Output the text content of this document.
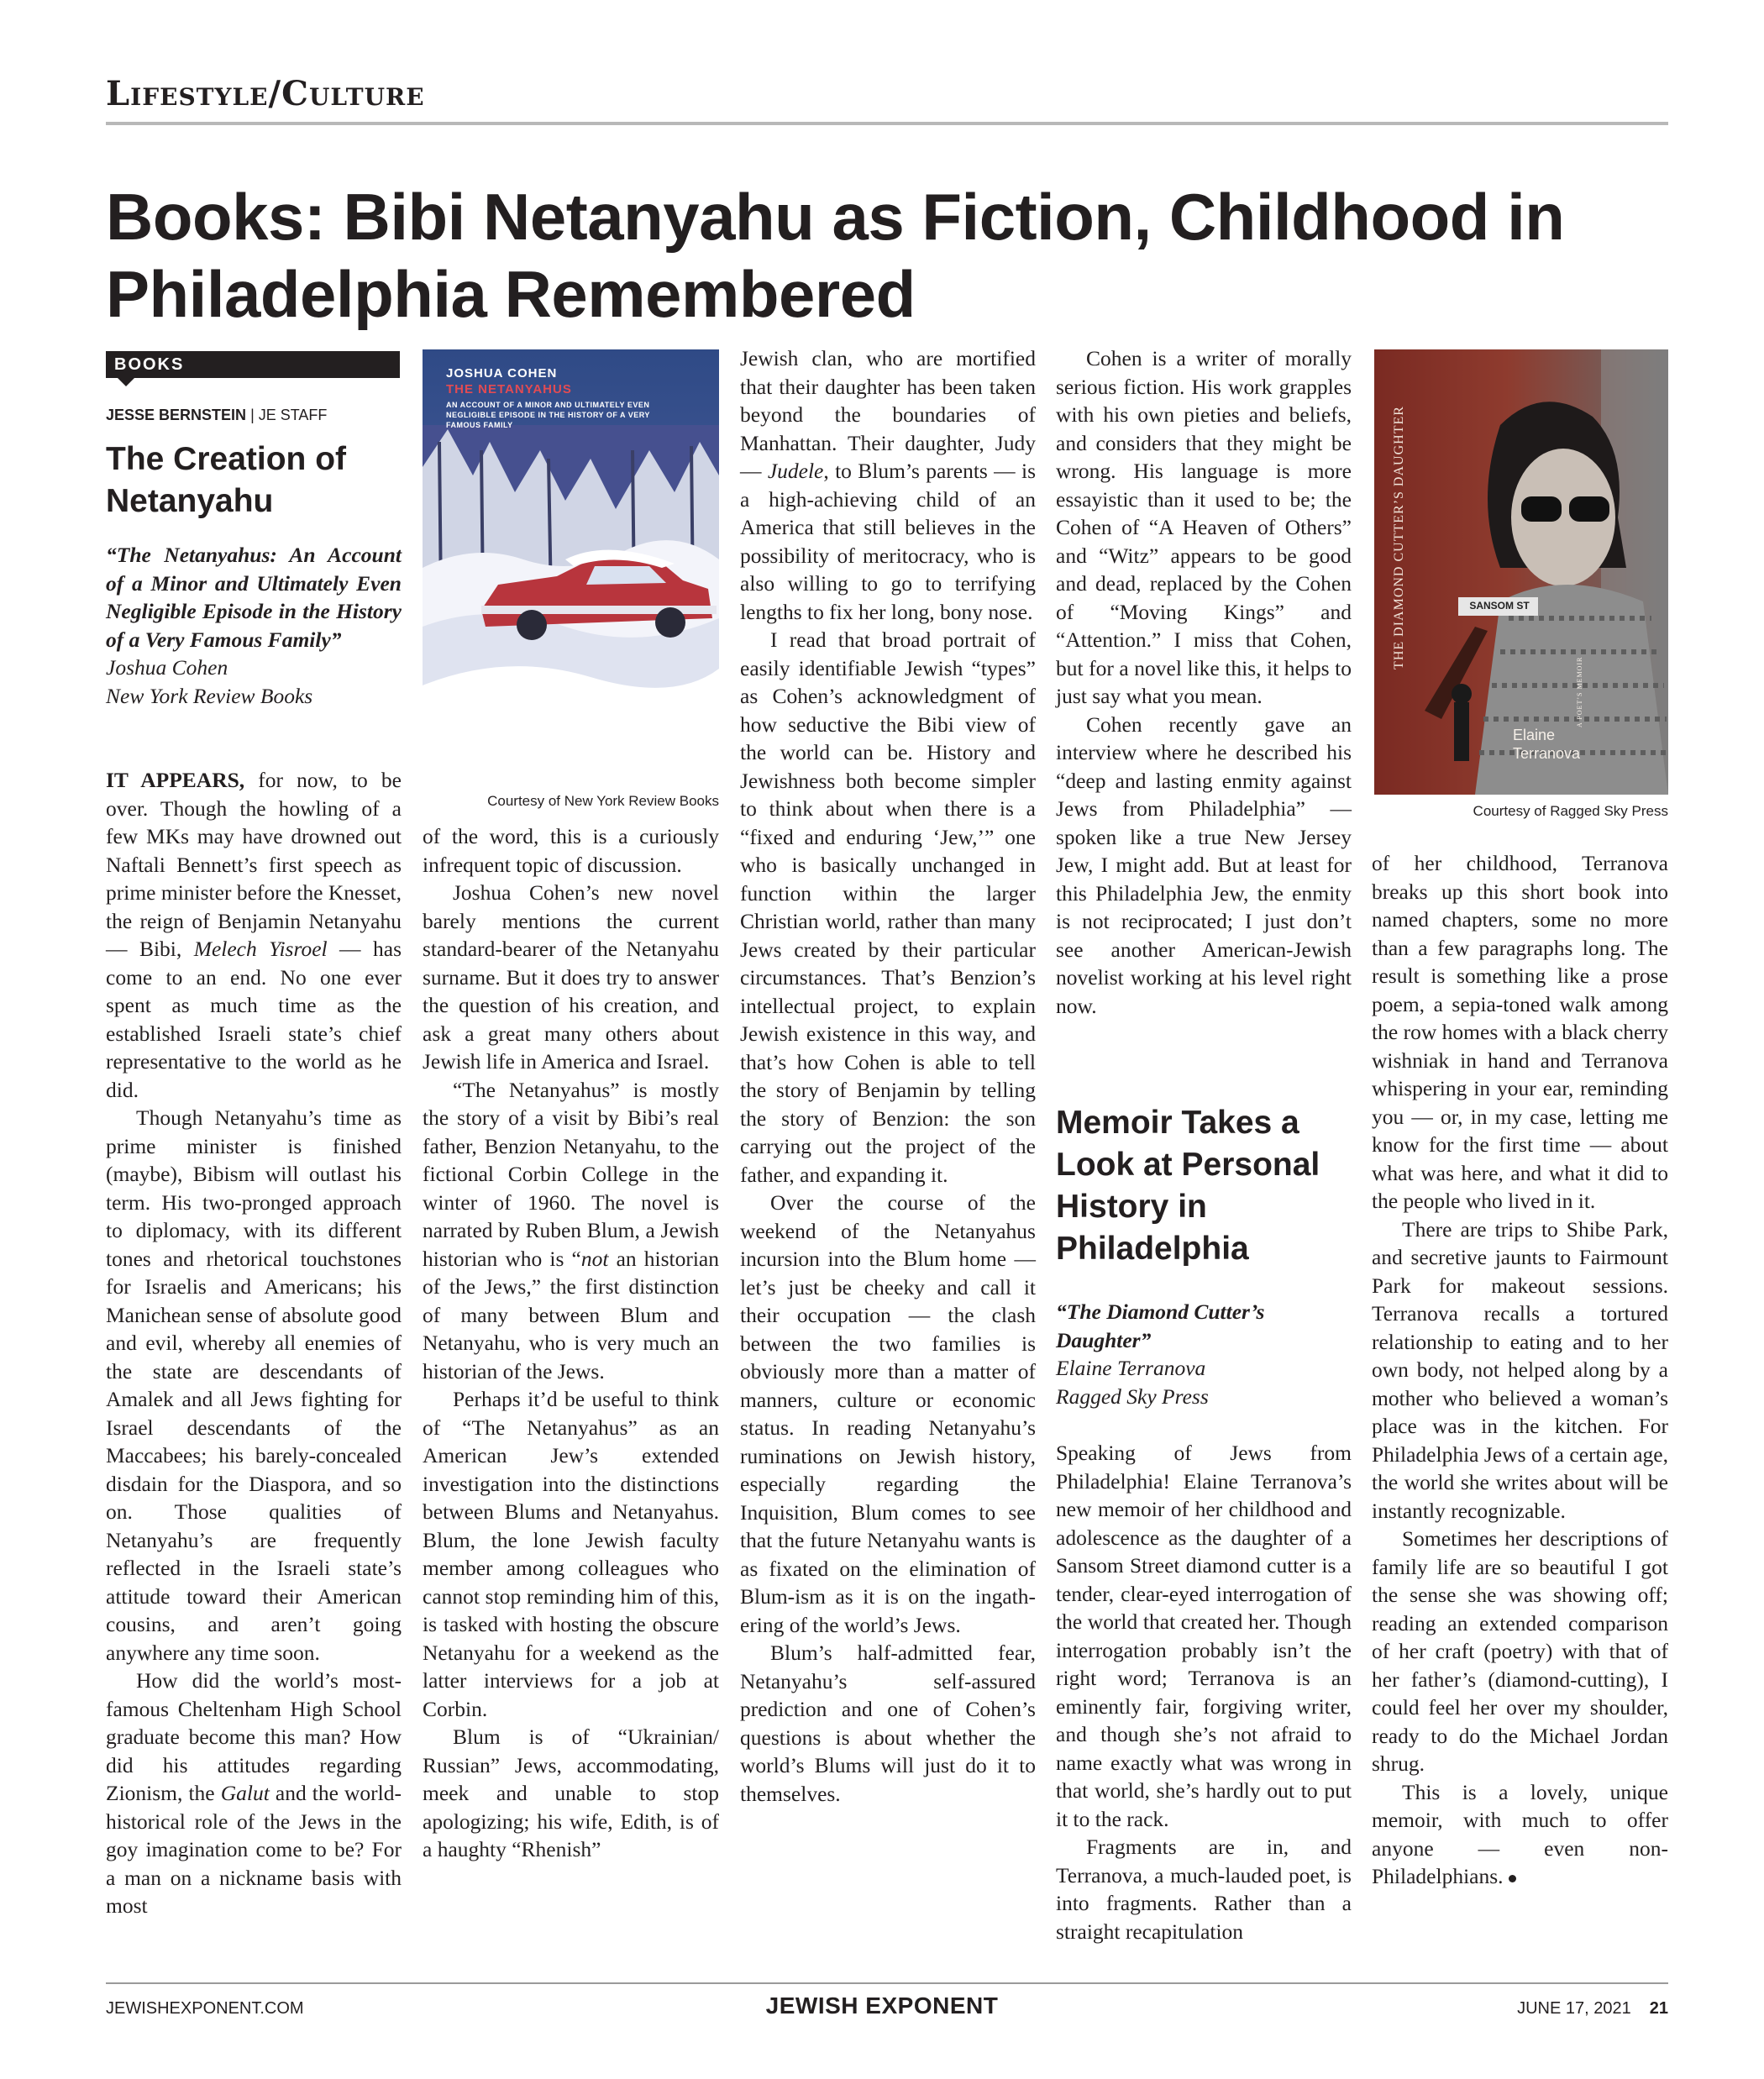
Lifestyle/Culture
Books: Bibi Netanyahu as Fiction, Childhood in Philadelphia Remembered
BOOKS
JESSE BERNSTEIN | JE STAFF
The Creation of Netanyahu
“The Netanyahus: An Account of a Minor and Ultimately Even Negligible Episode in the History of a Very Famous Family”
Joshua Cohen
New York Review Books

IT APPEARS, for now, to be over. Though the howling of a few MKs may have drowned out Naftali Bennett’s first speech as prime minister before the Knesset, the reign of Benjamin Netanyahu — Bibi, Melech Yisroel — has come to an end. No one ever spent as much time as the established Israeli state’s chief representative to the world as he did.

Though Netanyahu’s time as prime minister is finished (maybe), Bibism will outlast his term. His two-pronged approach to diplomacy, with its different tones and rhetorical touchstones for Israelis and Americans; his Manichean sense of absolute good and evil, whereby all enemies of the state are descendants of Amalek and all Jews fighting for Israel descendants of the Maccabees; his barely-concealed disdain for the Diaspora, and so on. Those qualities of Netanyahu’s are frequently reflected in the Israeli state’s attitude toward their American cousins, and aren’t going anywhere any time soon.

How did the world’s most-famous Cheltenham High School graduate become this man? How did his attitudes regarding Zionism, the Galut and the world-historical role of the Jews in the goy imagination come to be? For a man on a nickname basis with most

JOSHUA COHEN
THE NETANYAHUS
AN ACCOUNT OF A MINOR AND ULTIMATELY EVEN NEGLIGIBLE EPISODE IN THE HISTORY OF A VERY FAMOUS FAMILY
Courtesy of New York Review Books

of the word, this is a curiously infrequent topic of discussion.

Joshua Cohen’s new novel barely mentions the current standard-bearer of the Netanyahu surname. But it does try to answer the question of his creation, and ask a great many others about Jewish life in America and Israel.

“The Netanyahus” is mostly the story of a visit by Bibi’s real father, Benzion Netanyahu, to the fictional Corbin College in the winter of 1960. The novel is narrated by Ruben Blum, a Jewish historian who is “not an historian of the Jews,” the first distinction of many between Blum and Netanyahu, who is very much an historian of the Jews.

Perhaps it’d be useful to think of “The Netanyahus” as an American Jew’s extended investigation into the distinctions between Blums and Netanyahus. Blum, the lone Jewish faculty member among colleagues who cannot stop reminding him of this, is tasked with hosting the obscure Netanyahu for a weekend as the latter interviews for a job at Corbin.

Blum is of “Ukrainian/ Russian” Jews, accommodating, meek and unable to stop apologizing; his wife, Edith, is of a haughty “Rhenish”

Jewish clan, who are mortified that their daughter has been taken beyond the boundaries of Manhattan. Their daughter, Judy — Judele, to Blum’s parents — is a high-achieving child of an America that still believes in the possibility of meritocracy, who is also willing to go to terrifying lengths to fix her long, bony nose.

I read that broad portrait of easily identifiable Jewish “types” as Cohen’s acknowledgment of how seductive the Bibi view of the world can be. History and Jewishness both become simpler to think about when there is a “fixed and enduring ‘Jew,’” one who is basically unchanged in function within the larger Christian world, rather than many Jews created by their particular circumstances. That’s Benzion’s intellectual project, to explain Jewish existence in this way, and that’s how Cohen is able to tell the story of Benjamin by telling the story of Benzion: the son carrying out the project of the father, and expanding it.

Over the course of the weekend of the Netanyahus incursion into the Blum home — let’s just be cheeky and call it their occupation — the clash between the two families is obviously more than a matter of manners, culture or economic status. In reading Netanyahu’s ruminations on Jewish history, especially regarding the Inquisition, Blum comes to see that the future Netanyahu wants is as fixated on the elimination of Blum-ism as it is on the ingathering of the world’s Jews.

Blum’s half-admitted fear, Netanyahu’s self-assured prediction and one of Cohen’s questions is about whether the world’s Blums will just do it to themselves.

Cohen is a writer of morally serious fiction. His work grapples with his own pieties and beliefs, and considers that they might be wrong. His language is more essayistic than it used to be; the Cohen of “A Heaven of Others” and “Witz” appears to be good and dead, replaced by the Cohen of “Moving Kings” and “Attention.” I miss that Cohen, but for a novel like this, it helps to just say what you mean.

Cohen recently gave an interview where he described his “deep and lasting enmity against Jews from Philadelphia” — spoken like a true New Jersey Jew, I might add. But at least for this Philadelphia Jew, the enmity is not reciprocated; I just don’t see another American-Jewish novelist working at his level right now.

Memoir Takes a Look at Personal History in Philadelphia
“The Diamond Cutter’s Daughter”
Elaine Terranova
Ragged Sky Press

Speaking of Jews from Philadelphia! Elaine Terranova’s new memoir of her childhood and adolescence as the daughter of a Sansom Street diamond cutter is a tender, clear-eyed interrogation of the world that created her. Though interrogation probably isn’t the right word; Terranova is an eminently fair, forgiving writer, and though she’s not afraid to name exactly what was wrong in that world, she’s hardly out to put it to the rack.

Fragments are in, and Terranova, a much-lauded poet, is into fragments. Rather than a straight recapitulation

SANSOM ST
THE DIAMOND CUTTER’S DAUGHTER
Elaine Terranova
A POET’S MEMOIR
Courtesy of Ragged Sky Press

of her childhood, Terranova breaks up this short book into named chapters, some no more than a few paragraphs long. The result is something like a prose poem, a sepia-toned walk among the row homes with a black cherry wishniak in hand and Terranova whispering in your ear, reminding you — or, in my case, letting me know for the first time — about what was here, and what it did to the people who lived in it.

There are trips to Shibe Park, and secretive jaunts to Fairmount Park for makeout sessions. Terranova recalls a tortured relationship to eating and to her own body, not helped along by a mother who believed a woman’s place was in the kitchen. For Philadelphia Jews of a certain age, the world she writes about will be instantly recognizable.

Sometimes her descriptions of family life are so beautiful I got the sense she was showing off; reading an extended comparison of her craft (poetry) with that of her father’s (diamond-cutting), I could feel her over my shoulder, ready to do the Michael Jordan shrug.

This is a lovely, unique memoir, with much to offer anyone — even non-Philadelphians.

JEWISHEXPONENT.COM	JEWISH EXPONENT	JUNE 17, 2021 21
